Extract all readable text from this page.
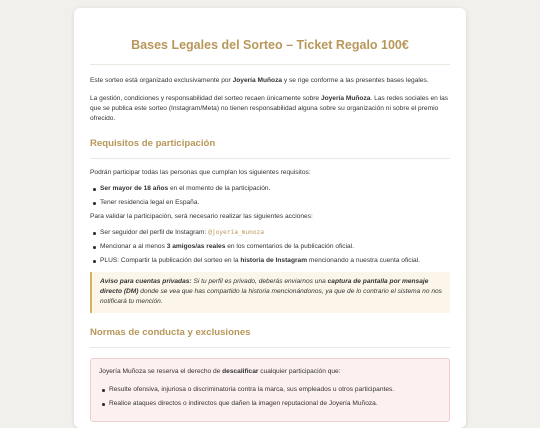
Bases Legales del Sorteo – Ticket Regalo 100€

Este sorteo está organizado exclusivamente por Joyería Muñoza y se rige conforme a las presentes bases legales.

La gestión, condiciones y responsabilidad del sorteo recaen únicamente sobre Joyería Muñoza. Las redes sociales en las que se publica este sorteo (Instagram/Meta) no tienen responsabilidad alguna sobre su organización ni sobre el premio ofrecido.

Requisitos de participación

Podrán participar todas las personas que cumplan los siguientes requisitos:

Ser mayor de 18 años en el momento de la participación.
Tener residencia legal en España.

Para validar la participación, será necesario realizar las siguientes acciones:

Ser seguidor del perfil de Instagram: @joyeria_munoza
Mencionar a al menos 3 amigos/as reales en los comentarios de la publicación oficial.
PLUS: Compartir la publicación del sorteo en la historia de Instagram mencionando a nuestra cuenta oficial.

Aviso para cuentas privadas: Si tu perfil es privado, deberás enviarnos una captura de pantalla por mensaje directo (DM) donde se vea que has compartido la historia mencionándonos, ya que de lo contrario el sistema no nos notificará tu mención.

Normas de conducta y exclusiones

Joyería Muñoza se reserva el derecho de descalificar cualquier participación que:

Resulte ofensiva, injuriosa o discriminatoria contra la marca, sus empleados u otros participantes.
Realice ataques directos o indirectos que dañen la imagen reputacional de Joyería Muñoza.
